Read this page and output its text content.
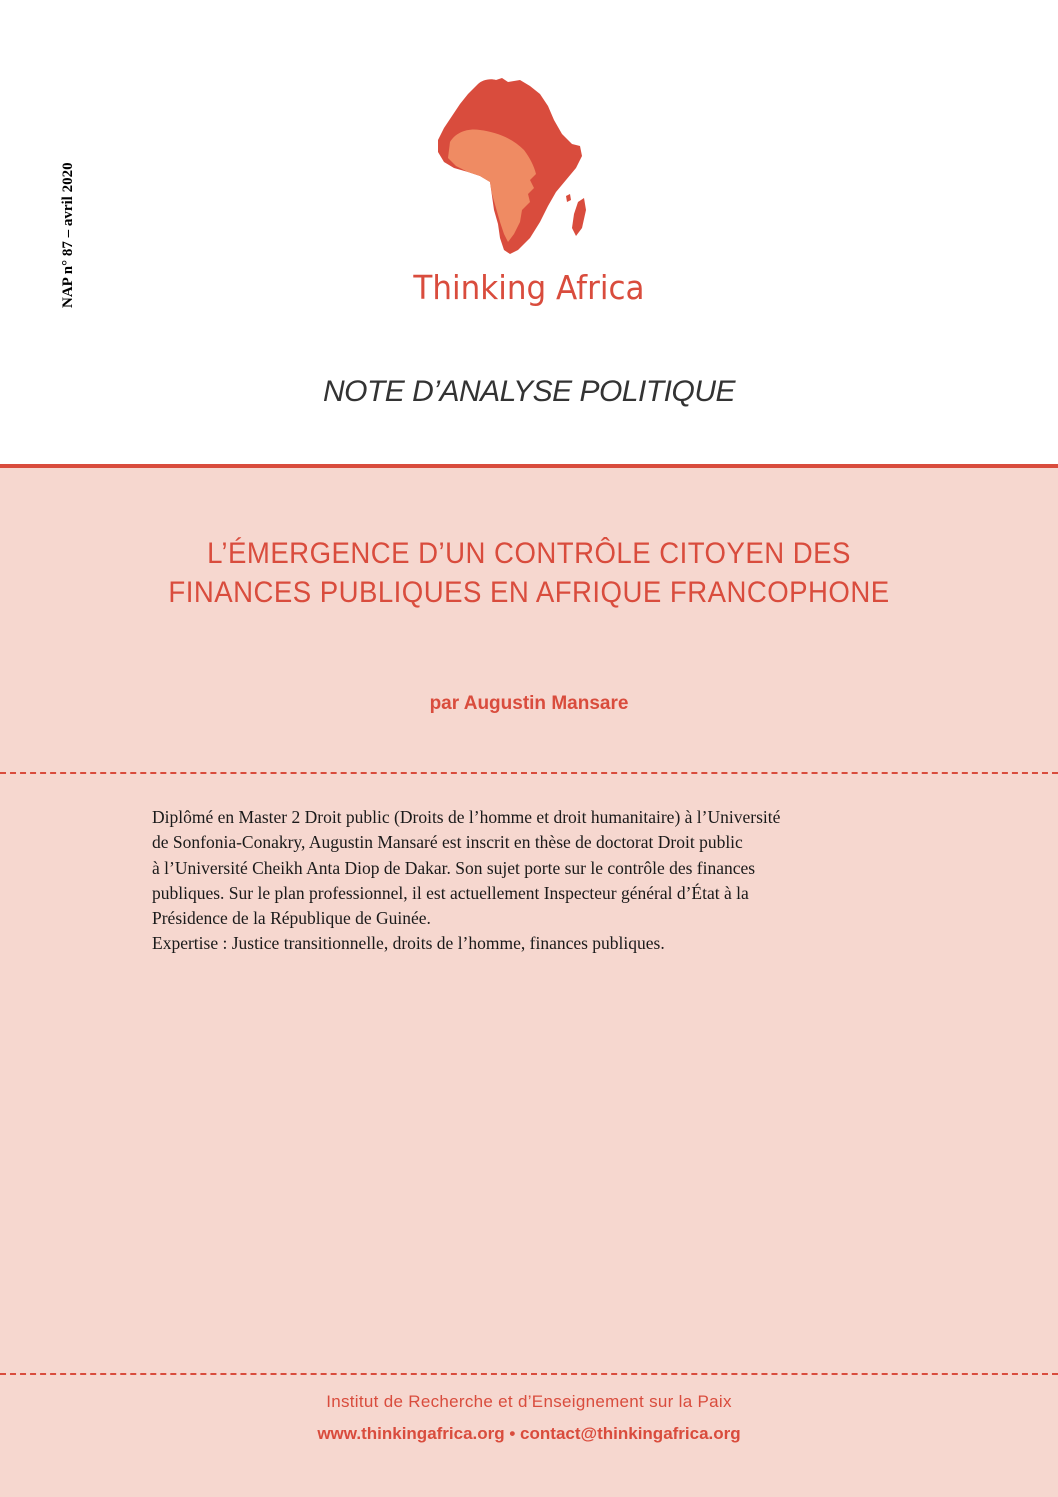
NAP n° 87 – avril 2020	Thinking Africa
NOTE D’ANALYSE POLITIQUE
L’ÉMERGENCE D’UN CONTRÔLE CITOYEN DES
FINANCES PUBLIQUES EN AFRIQUE FRANCOPHONE
par Augustin Mansare
Diplômé en Master 2 Droit public (Droits de l’homme et droit humanitaire) à l’Université
de Sonfonia-Conakry, Augustin Mansaré est inscrit en thèse de doctorat Droit public
à l’Université Cheikh Anta Diop de Dakar. Son sujet porte sur le contrôle des finances
publiques. Sur le plan professionnel, il est actuellement Inspecteur général d’État à la
Présidence de la République de Guinée.
Expertise : Justice transitionnelle, droits de l’homme, finances publiques.
Institut de Recherche et d’Enseignement sur la Paix
www.thinkingafrica.org • contact@thinkingafrica.org
